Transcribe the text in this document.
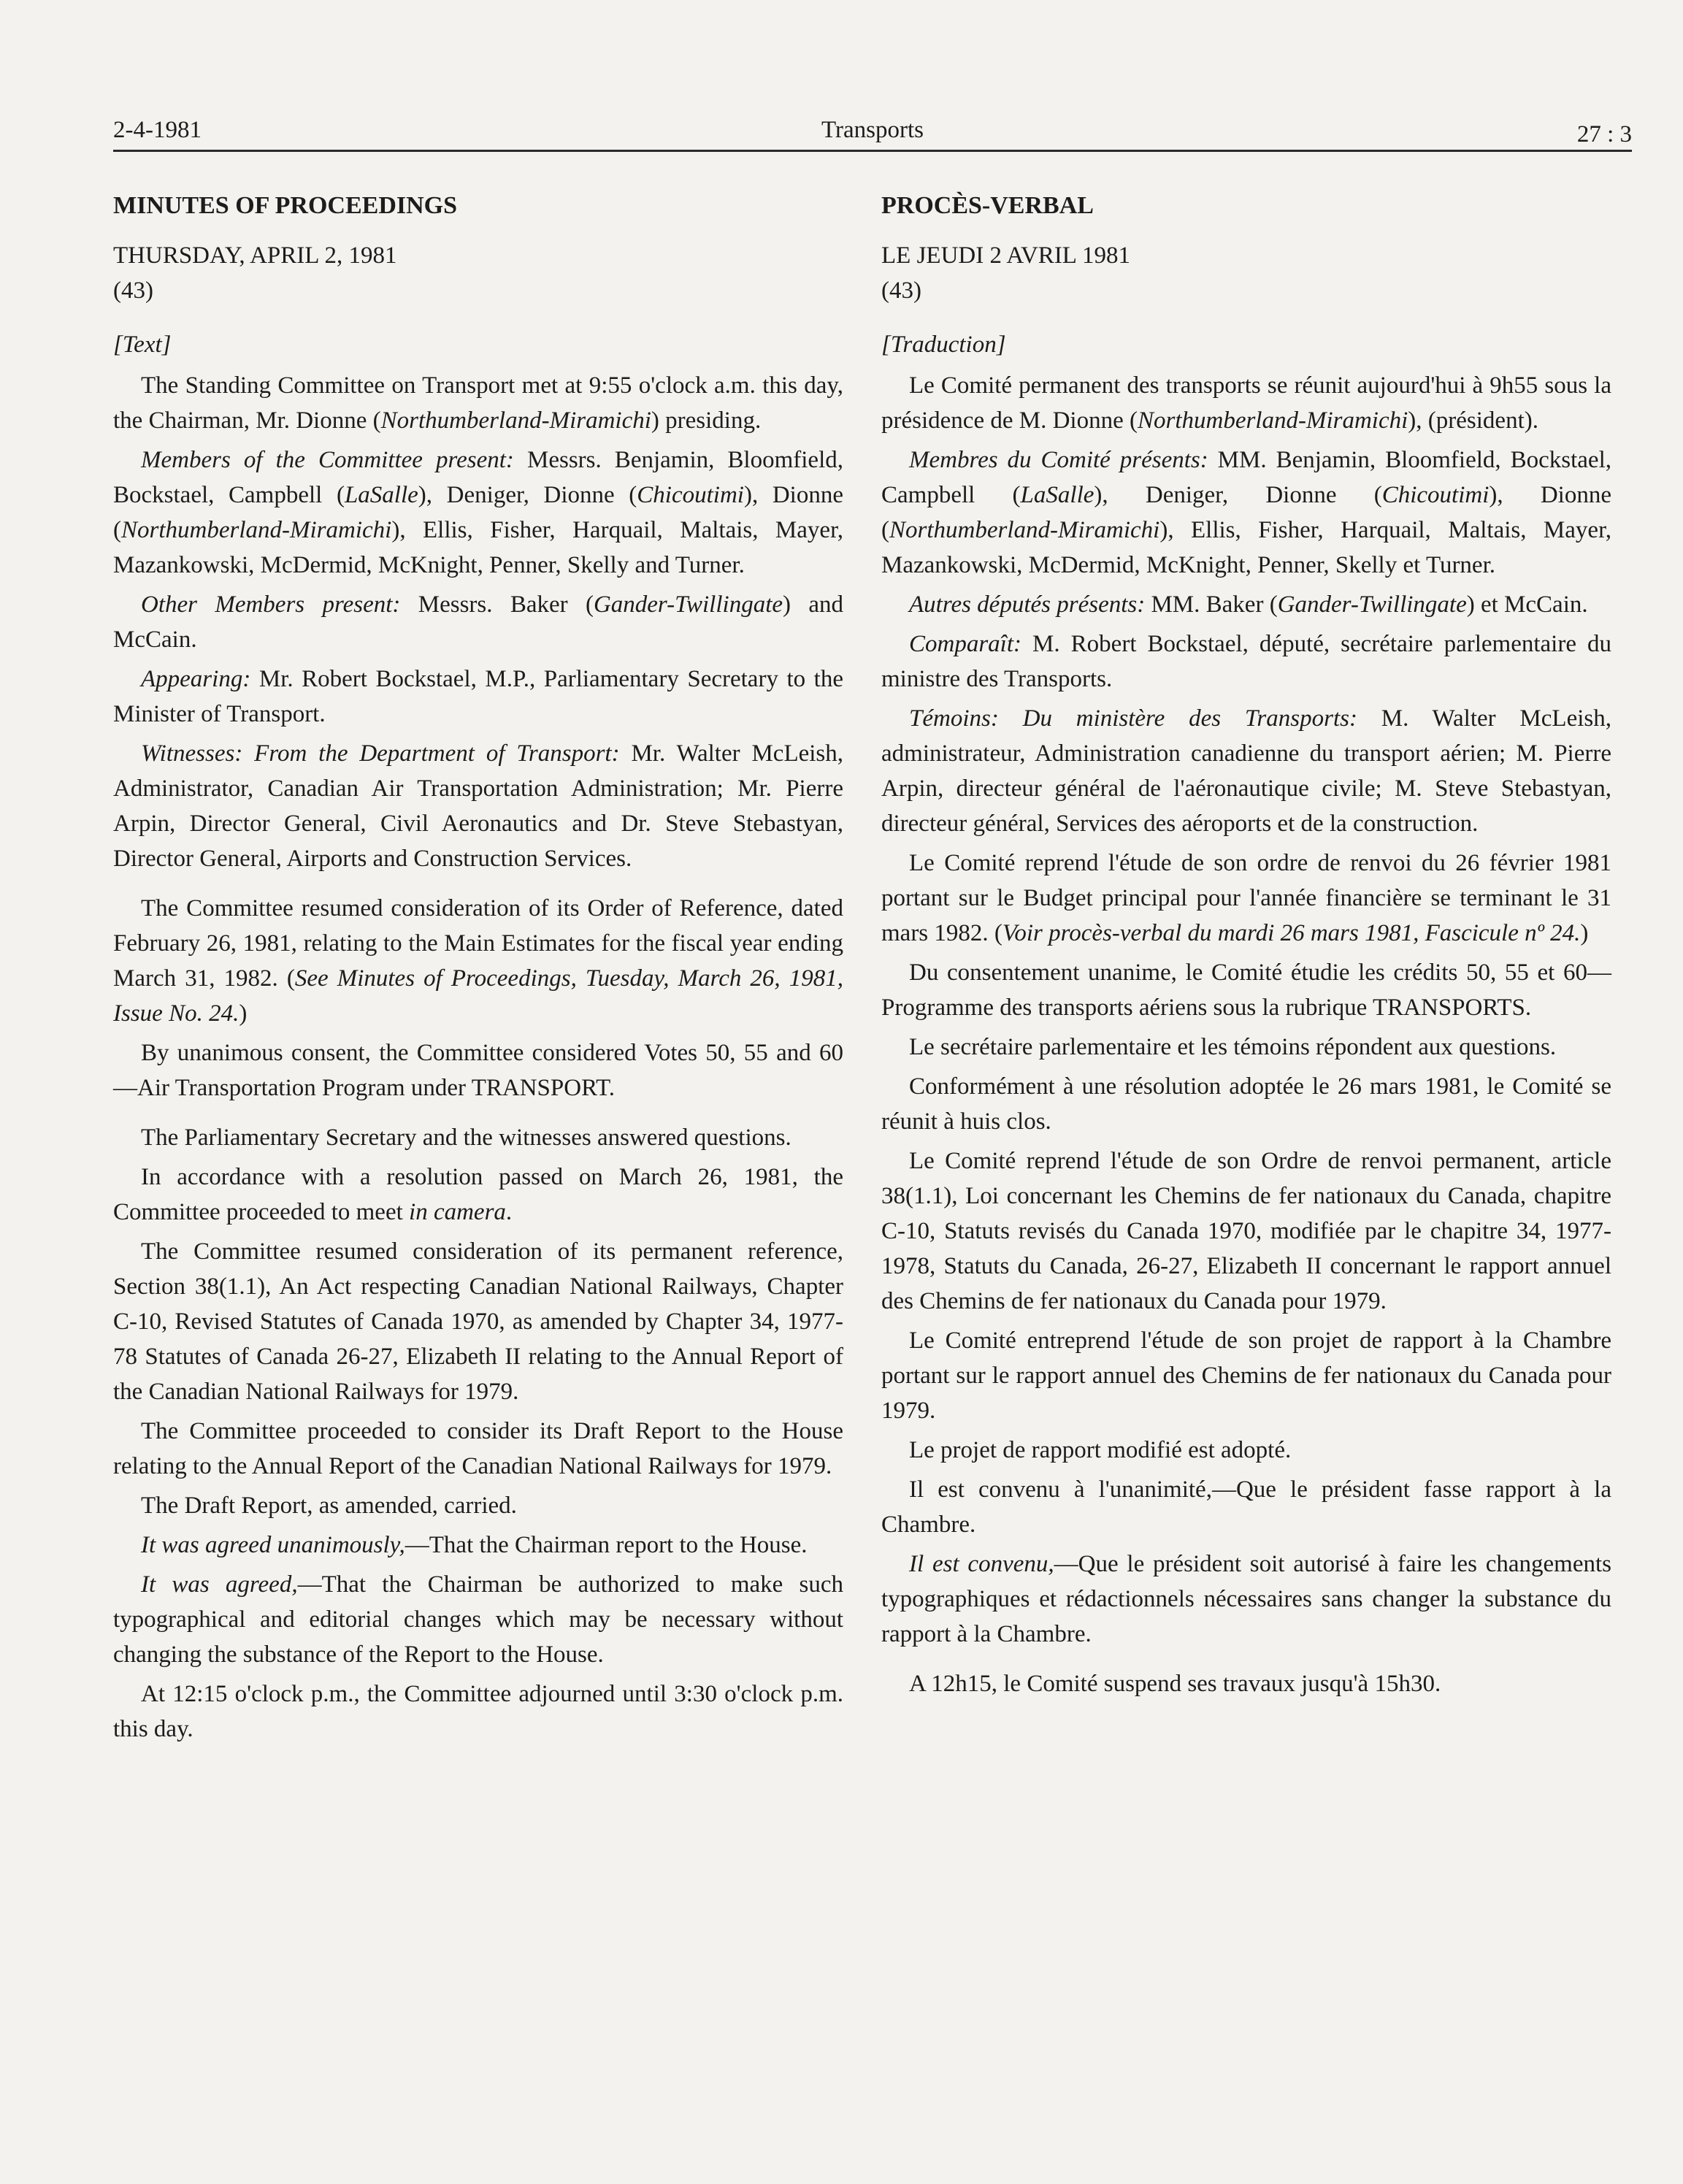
2-4-1981	Transports	27 : 3
MINUTES OF PROCEEDINGS

THURSDAY, APRIL 2, 1981

(43)

[Text]

The Standing Committee on Transport met at 9:55 o'clock a.m. this day, the Chairman, Mr. Dionne (Northumberland-Miramichi) presiding.

Members of the Committee present: Messrs. Benjamin, Bloomfield, Bockstael, Campbell (LaSalle), Deniger, Dionne (Chicoutimi), Dionne (Northumberland-Miramichi), Ellis, Fisher, Harquail, Maltais, Mayer, Mazankowski, McDermid, McKnight, Penner, Skelly and Turner.

Other Members present: Messrs. Baker (Gander-Twillingate) and McCain.

Appearing: Mr. Robert Bockstael, M.P., Parliamentary Secretary to the Minister of Transport.

Witnesses: From the Department of Transport: Mr. Walter McLeish, Administrator, Canadian Air Transportation Administration; Mr. Pierre Arpin, Director General, Civil Aeronautics and Dr. Steve Stebastyan, Director General, Airports and Construction Services.

The Committee resumed consideration of its Order of Reference, dated February 26, 1981, relating to the Main Estimates for the fiscal year ending March 31, 1982. (See Minutes of Proceedings, Tuesday, March 26, 1981, Issue No. 24.)

By unanimous consent, the Committee considered Votes 50, 55 and 60—Air Transportation Program under TRANSPORT.

The Parliamentary Secretary and the witnesses answered questions.

In accordance with a resolution passed on March 26, 1981, the Committee proceeded to meet in camera.

The Committee resumed consideration of its permanent reference, Section 38(1.1), An Act respecting Canadian National Railways, Chapter C-10, Revised Statutes of Canada 1970, as amended by Chapter 34, 1977-78 Statutes of Canada 26-27, Elizabeth II relating to the Annual Report of the Canadian National Railways for 1979.

The Committee proceeded to consider its Draft Report to the House relating to the Annual Report of the Canadian National Railways for 1979.

The Draft Report, as amended, carried.

It was agreed unanimously,—That the Chairman report to the House.

It was agreed,—That the Chairman be authorized to make such typographical and editorial changes which may be necessary without changing the substance of the Report to the House.

At 12:15 o'clock p.m., the Committee adjourned until 3:30 o'clock p.m. this day.

PROCÈS-VERBAL

LE JEUDI 2 AVRIL 1981

(43)

[Traduction]

Le Comité permanent des transports se réunit aujourd'hui à 9h55 sous la présidence de M. Dionne (Northumberland-Miramichi), (président).

Membres du Comité présents: MM. Benjamin, Bloomfield, Bockstael, Campbell (LaSalle), Deniger, Dionne (Chicoutimi), Dionne (Northumberland-Miramichi), Ellis, Fisher, Harquail, Maltais, Mayer, Mazankowski, McDermid, McKnight, Penner, Skelly et Turner.

Autres députés présents: MM. Baker (Gander-Twillingate) et McCain.

Comparaît: M. Robert Bockstael, député, secrétaire parlementaire du ministre des Transports.

Témoins: Du ministère des Transports: M. Walter McLeish, administrateur, Administration canadienne du transport aérien; M. Pierre Arpin, directeur général de l'aéronautique civile; M. Steve Stebastyan, directeur général, Services des aéroports et de la construction.

Le Comité reprend l'étude de son ordre de renvoi du 26 février 1981 portant sur le Budget principal pour l'année financière se terminant le 31 mars 1982. (Voir procès-verbal du mardi 26 mars 1981, Fascicule nº 24.)

Du consentement unanime, le Comité étudie les crédits 50, 55 et 60—Programme des transports aériens sous la rubrique TRANSPORTS.

Le secrétaire parlementaire et les témoins répondent aux questions.

Conformément à une résolution adoptée le 26 mars 1981, le Comité se réunit à huis clos.

Le Comité reprend l'étude de son Ordre de renvoi permanent, article 38(1.1), Loi concernant les Chemins de fer nationaux du Canada, chapitre C-10, Statuts revisés du Canada 1970, modifiée par le chapitre 34, 1977-1978, Statuts du Canada, 26-27, Elizabeth II concernant le rapport annuel des Chemins de fer nationaux du Canada pour 1979.

Le Comité entreprend l'étude de son projet de rapport à la Chambre portant sur le rapport annuel des Chemins de fer nationaux du Canada pour 1979.

Le projet de rapport modifié est adopté.

Il est convenu à l'unanimité,—Que le président fasse rapport à la Chambre.

Il est convenu,—Que le président soit autorisé à faire les changements typographiques et rédactionnels nécessaires sans changer la substance du rapport à la Chambre.

A 12h15, le Comité suspend ses travaux jusqu'à 15h30.
